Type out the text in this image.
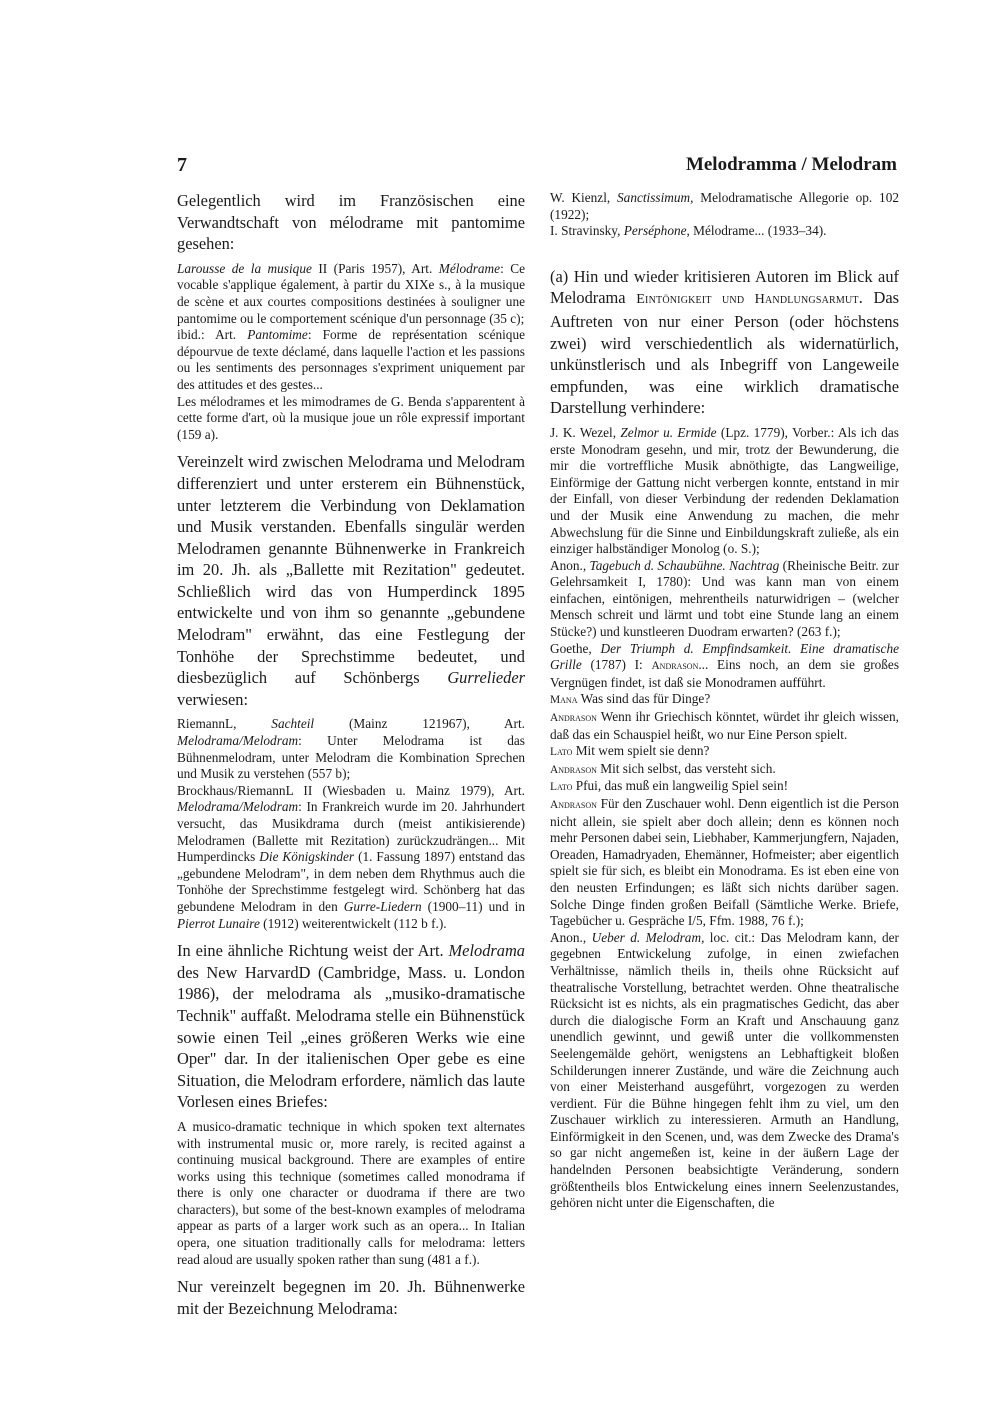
7	Melodramma / Melodram

Gelegentlich wird im Französischen eine Verwandtschaft von mélodrame mit pantomime gesehen:

Larousse de la musique II (Paris 1957), Art. Mélodrame: Ce vocable s'applique également, à partir du XIXe s., à la musique de scène et aux courtes compositions destinées à souligner une pantomime ou le comportement scénique d'un personnage (35 c);

ibid.: Art. Pantomime: Forme de représentation scénique dépourvue de texte déclamé, dans laquelle l'action et les passions ou les sentiments des personnages s'expriment uniquement par des attitudes et des gestes...

Les mélodrames et les mimodrames de G. Benda s'apparentent à cette forme d'art, où la musique joue un rôle expressif important (159 a).

Vereinzelt wird zwischen Melodrama und Melodram differenziert und unter ersterem ein Bühnenstück, unter letzterem die Verbindung von Deklamation und Musik verstanden. Ebenfalls singulär werden Melodramen genannte Bühnenwerke in Frankreich im 20. Jh. als „Ballette mit Rezitation" gedeutet. Schließlich wird das von Humperdinck 1895 entwickelte und von ihm so genannte „gebundene Melodram" erwähnt, das eine Festlegung der Tonhöhe der Sprechstimme bedeutet, und diesbezüglich auf Schönbergs Gurrelieder verwiesen:

RiemannL, Sachteil (Mainz 121967), Art. Melodrama/Melodram: Unter Melodrama ist das Bühnenmelodram, unter Melodram die Kombination Sprechen und Musik zu verstehen (557 b);

Brockhaus/RiemannL II (Wiesbaden u. Mainz 1979), Art. Melodrama/Melodram: In Frankreich wurde im 20. Jahrhundert versucht, das Musikdrama durch (meist antikisierende) Melodramen (Ballette mit Rezitation) zurückzudrängen... Mit Humperdincks Die Königskinder (1. Fassung 1897) entstand das „gebundene Melodram", in dem neben dem Rhythmus auch die Tonhöhe der Sprechstimme festgelegt wird. Schönberg hat das gebundene Melodram in den Gurre-Liedern (1900–11) und in Pierrot Lunaire (1912) weiterentwickelt (112 b f.).

In eine ähnliche Richtung weist der Art. Melodrama des New HarvardD (Cambridge, Mass. u. London 1986), der melodrama als „musiko-dramatische Technik" auffaßt. Melodrama stelle ein Bühnenstück sowie einen Teil „eines größeren Werks wie eine Oper" dar. In der italienischen Oper gebe es eine Situation, die Melodram erfordere, nämlich das laute Vorlesen eines Briefes:

A musico-dramatic technique in which spoken text alternates with instrumental music or, more rarely, is recited against a continuing musical background. There are examples of entire works using this technique (sometimes called monodrama if there is only one character or duodrama if there are two characters), but some of the best-known examples of melodrama appear as parts of a larger work such as an opera... In Italian opera, one situation traditionally calls for melodrama: letters read aloud are usually spoken rather than sung (481 a f.).

Nur vereinzelt begegnen im 20. Jh. Bühnenwerke mit der Bezeichnung Melodrama:

W. Kienzl, Sanctissimum, Melodramatische Allegorie op. 102 (1922);

I. Stravinsky, Perséphone, Mélodrame... (1933–34).

(a) Hin und wieder kritisieren Autoren im Blick auf Melodrama Eintönigkeit und Handlungsarmut. Das Auftreten von nur einer Person (oder höchstens zwei) wird verschiedentlich als widernatürlich, unkünstlerisch und als Inbegriff von Langeweile empfunden, was eine wirklich dramatische Darstellung verhindere:

J. K. Wezel, Zelmor u. Ermide (Lpz. 1779), Vorber.: Als ich das erste Monodram gesehn, und mir, trotz der Bewunderung, die mir die vortreffliche Musik abnöthigte, das Langweilige, Einförmige der Gattung nicht verbergen konnte, entstand in mir der Einfall, von dieser Verbindung der redenden Deklamation und der Musik eine Anwendung zu machen, die mehr Abwechslung für die Sinne und Einbildungskraft zuließe, als ein einziger halbständiger Monolog (o. S.);

Anon., Tagebuch d. Schaubühne. Nachtrag (Rheinische Beitr. zur Gelehrsamkeit I, 1780): Und was kann man von einem einfachen, eintönigen, mehrentheils naturwidrigen – (welcher Mensch schreit und lärmt und tobt eine Stunde lang an einem Stücke?) und kunstleeren Duodram erwarten? (263 f.);

Goethe, Der Triumph d. Empfindsamkeit. Eine dramatische Grille (1787) I: Andrason... Eins noch, an dem sie großes Vergnügen findet, ist daß sie Monodramen aufführt.

Mana Was sind das für Dinge?

Andrason Wenn ihr Griechisch könntet, würdet ihr gleich wissen, daß das ein Schauspiel heißt, wo nur Eine Person spielt.

Lato Mit wem spielt sie denn?

Andrason Mit sich selbst, das versteht sich.

Lato Pfui, das muß ein langweilig Spiel sein!

Andrason Für den Zuschauer wohl. Denn eigentlich ist die Person nicht allein, sie spielt aber doch allein; denn es können noch mehr Personen dabei sein, Liebhaber, Kammerjungfern, Najaden, Oreaden, Hamadryaden, Ehemänner, Hofmeister; aber eigentlich spielt sie für sich, es bleibt ein Monodrama. Es ist eben eine von den neusten Erfindungen; es läßt sich nichts darüber sagen. Solche Dinge finden großen Beifall (Sämtliche Werke. Briefe, Tagebücher u. Gespräche I/5, Ffm. 1988, 76 f.);

Anon., Ueber d. Melodram, loc. cit.: Das Melodram kann, der gegebnen Entwickelung zufolge, in einen zwiefachen Verhältnisse, nämlich theils in, theils ohne Rücksicht auf theatralische Vorstellung, betrachtet werden. Ohne theatralische Rücksicht ist es nichts, als ein pragmatisches Gedicht, das aber durch die dialogische Form an Kraft und Anschauung ganz unendlich gewinnt, und gewiß unter die vollkommensten Seelengemälde gehört, wenigstens an Lebhaftigkeit bloßen Schilderungen innerer Zustände, und wäre die Zeichnung auch von einer Meisterhand ausgeführt, vorgezogen zu werden verdient. Für die Bühne hingegen fehlt ihm zu viel, um den Zuschauer wirklich zu interessieren. Armuth an Handlung, Einförmigkeit in den Scenen, und, was dem Zwecke des Drama's so gar nicht angemeßen ist, keine in der äußern Lage der handelnden Personen beabsichtigte Veränderung, sondern größtentheils blos Entwickelung eines innern Seelenzustandes, gehören nicht unter die Eigenschaften, die
